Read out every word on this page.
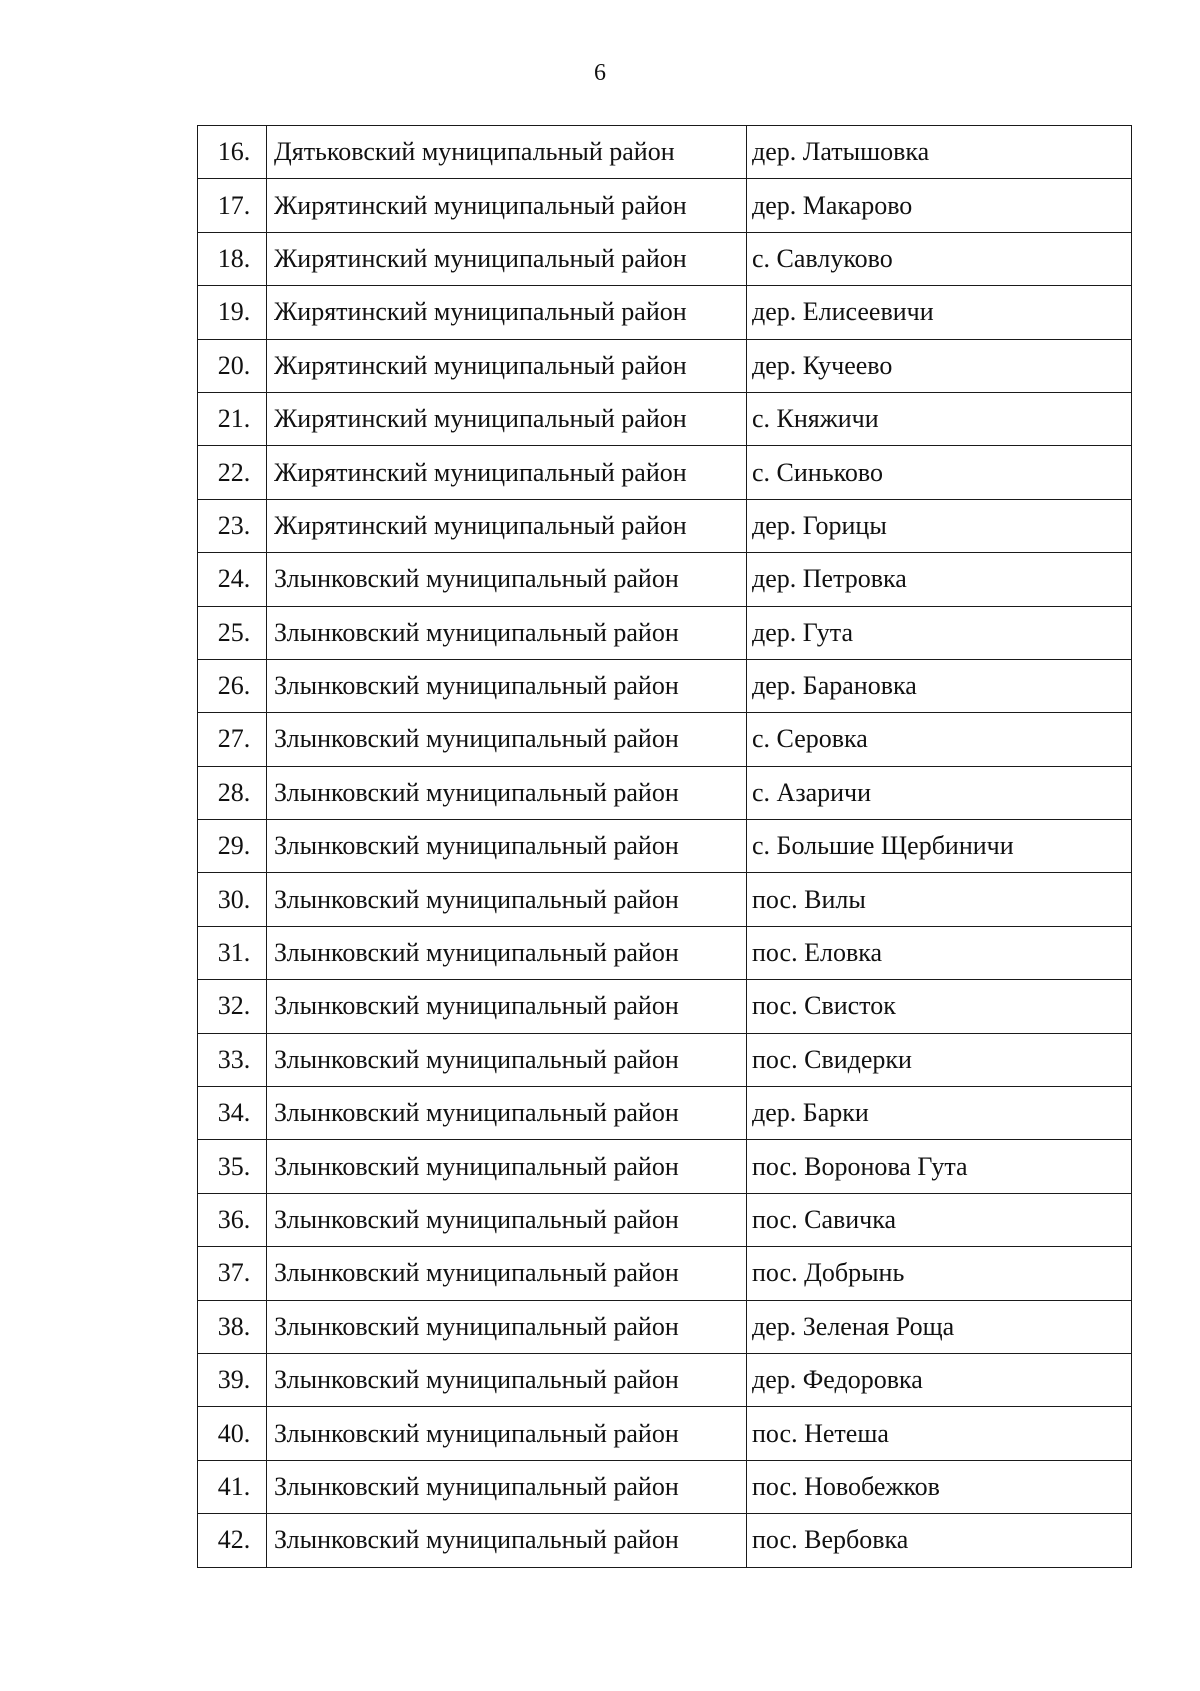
6
16.	Дятьковский муниципальный район	дер. Латышовка
17.	Жирятинский муниципальный район	дер. Макарово
18.	Жирятинский муниципальный район	с. Савлуково
19.	Жирятинский муниципальный район	дер. Елисеевичи
20.	Жирятинский муниципальный район	дер. Кучеево
21.	Жирятинский муниципальный район	с. Княжичи
22.	Жирятинский муниципальный район	с. Синьково
23.	Жирятинский муниципальный район	дер. Горицы
24.	Злынковский муниципальный район	дер. Петровка
25.	Злынковский муниципальный район	дер. Гута
26.	Злынковский муниципальный район	дер. Барановка
27.	Злынковский муниципальный район	с. Серовка
28.	Злынковский муниципальный район	с. Азаричи
29.	Злынковский муниципальный район	с. Большие Щербиничи
30.	Злынковский муниципальный район	пос. Вилы
31.	Злынковский муниципальный район	пос. Еловка
32.	Злынковский муниципальный район	пос. Свисток
33.	Злынковский муниципальный район	пос. Свидерки
34.	Злынковский муниципальный район	дер. Барки
35.	Злынковский муниципальный район	пос. Воронова Гута
36.	Злынковский муниципальный район	пос. Савичка
37.	Злынковский муниципальный район	пос. Добрынь
38.	Злынковский муниципальный район	дер. Зеленая Роща
39.	Злынковский муниципальный район	дер. Федоровка
40.	Злынковский муниципальный район	пос. Нетеша
41.	Злынковский муниципальный район	пос. Новобежков
42.	Злынковский муниципальный район	пос. Вербовка
